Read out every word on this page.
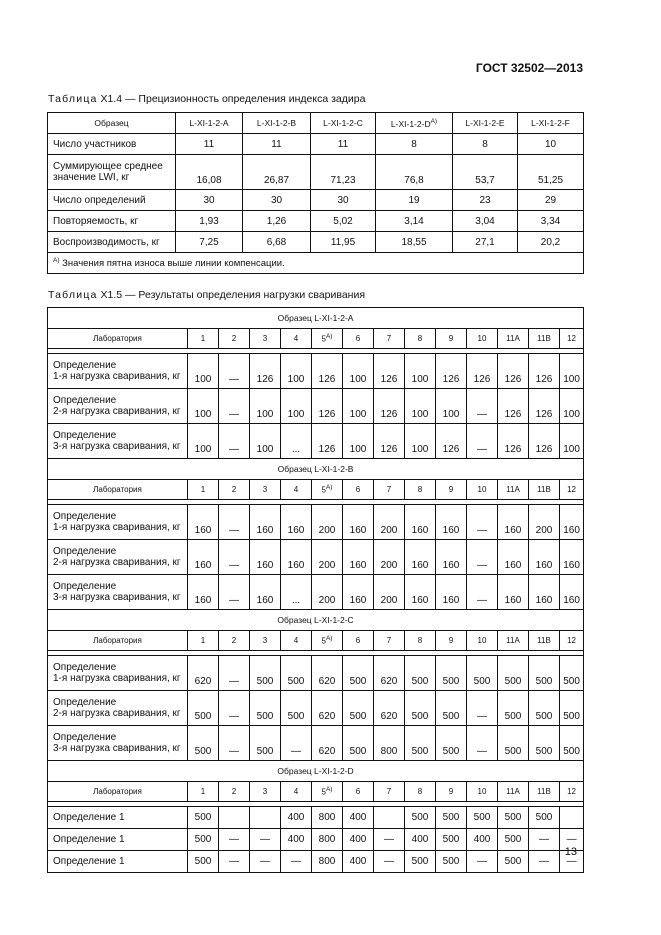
ГОСТ 32502—2013
Таблица Х1.4 — Прецизионность определения индекса задира
Образец	L-XI-1-2-A	L-XI-1-2-B	L-XI-1-2-C	$L-XI-1-2-D^{A)}$	L-XI-1-2-E	L-XI-1-2-F
Число участников	11	11	11	8	8	10
Суммирующее среднее значение LWI, кг	16,08	26,87	71,23	76,8	53,7	51,25
Число определений	30	30	30	19	23	29
Повторяемость, кг	1,93	1,26	5,02	3,14	3,04	3,34
Воспроизводимость, кг	7,25	6,68	11,95	18,55	27,1	20,2
$^{A)}$ Значения пятна износа выше линии компенсации.						
Таблица Х1.5 — Результаты определения нагрузки сваривания
Образец L-XI-1-2-A													
Лаборатория	1	2	3	4	$5^{A)}$	6	7	8	9	10	11A	11B	12

Определение
1-я нагрузка сваривания, кг	100	—	126	100	126	100	126	100	126	126	126	126	100

Определение
2-я нагрузка сваривания, кг	100	—	100	100	126	100	126	100	100	—	126	126	100

Определение
3-я нагрузка сваривания, кг	100	—	100	...	126	100	126	100	126	—	126	126	100
Образец L-XI-1-2-B													
Лаборатория	1	2	3	4	$5^{A)}$	6	7	8	9	10	11A	11B	12

Определение
1-я нагрузка сваривания, кг	160	—	160	160	200	160	200	160	160	—	160	200	160

Определение
2-я нагрузка сваривания, кг	160	—	160	160	200	160	200	160	160	—	160	160	160

Определение
3-я нагрузка сваривания, кг	160	—	160	...	200	160	200	160	160	—	160	160	160
Образец L-XI-1-2-C													
Лаборатория	1	2	3	4	$5^{A)}$	6	7	8	9	10	11A	11B	12

Определение
1-я нагрузка сваривания, кг	620	—	500	500	620	500	620	500	500	500	500	500	500

Определение
2-я нагрузка сваривания, кг	500	—	500	500	620	500	620	500	500	—	500	500	500

Определение
3-я нагрузка сваривания, кг	500	—	500	—	620	500	800	500	500	—	500	500	500
Образец L-XI-1-2-D													
Лаборатория	1	2	3	4	$5^{A)}$	6	7	8	9	10	11A	11B	12

Определение 1	500			400	800	400		500	500	500	500	500	

Определение 1	500	—	—	400	800	400	—	400	500	400	500	—	—

Определение 1	500	—	—	—	800	400	—	500	500	—	500	—	—
13
